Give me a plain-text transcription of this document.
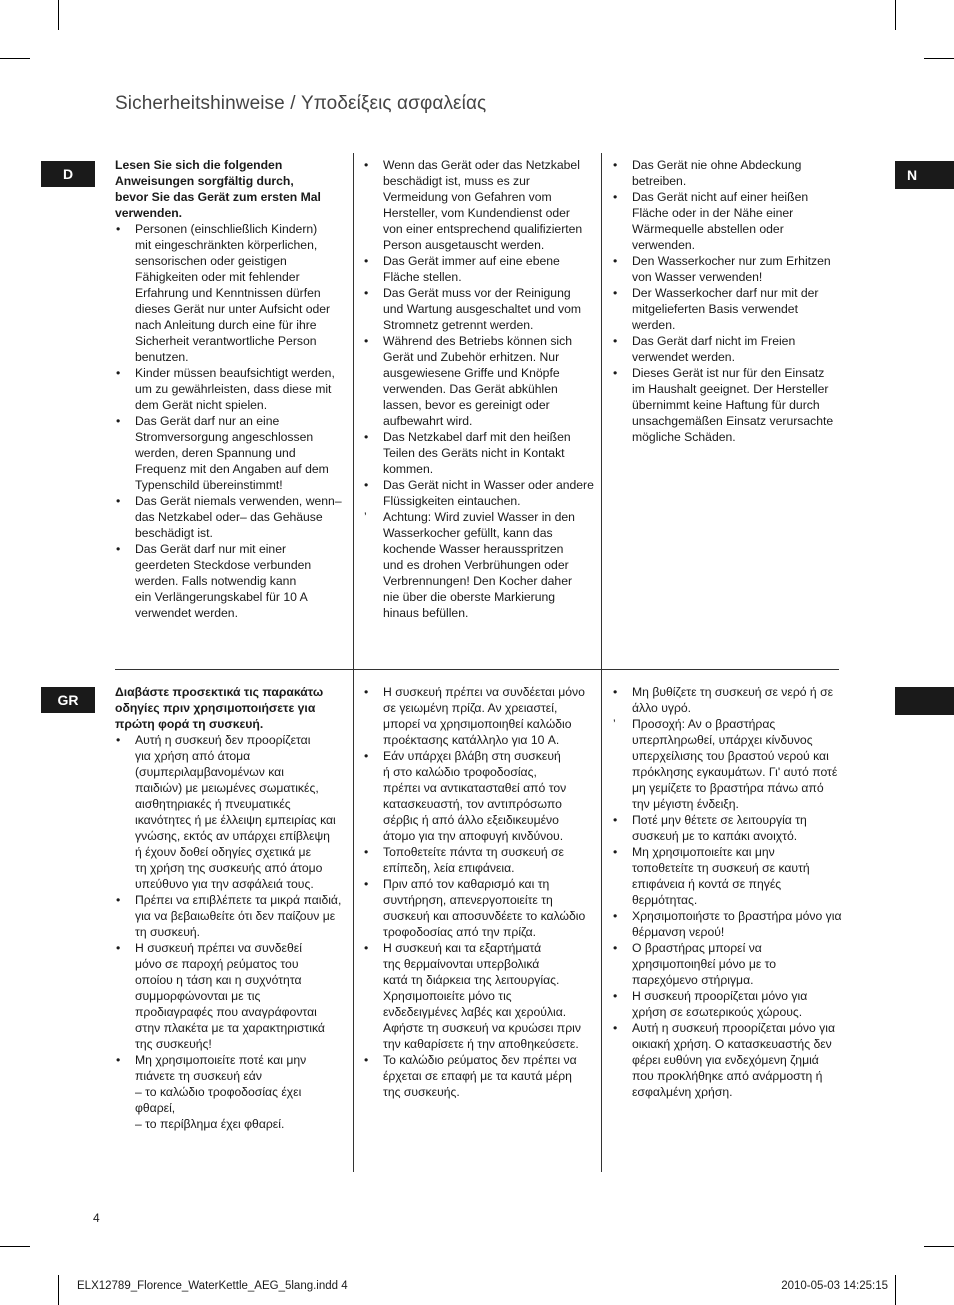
Sicherheitshinweise / Υποδείξεις ασφαλείας
D
GR
N
Lesen Sie sich die folgenden
Anweisungen sorgfältig durch,
bevor Sie das Gerät zum ersten Mal
verwenden.
•	Personen (einschließlich Kindern)
mit eingeschränkten körperlichen,
sensorischen oder geistigen
Fähigkeiten oder mit fehlender
Erfahrung und Kenntnissen dürfen
dieses Gerät nur unter Aufsicht oder
nach Anleitung durch eine für ihre
Sicherheit verantwortliche Person
benutzen.
•	Kinder müssen beaufsichtigt werden,
um zu gewährleisten, dass diese mit
dem Gerät nicht spielen.
•	Das Gerät darf nur an eine
Stromversorgung angeschlossen
werden, deren Spannung und
Frequenz mit den Angaben auf dem
Typenschild übereinstimmt!
•	Das Gerät niemals verwenden, wenn–
das Netzkabel oder– das Gehäuse
beschädigt ist.
•	Das Gerät darf nur mit einer
geerdeten Steckdose verbunden
werden. Falls notwendig kann
ein Verlängerungskabel für 10 A
verwendet werden.
•	Wenn das Gerät oder das Netzkabel
beschädigt ist, muss es zur
Vermeidung von Gefahren vom
Hersteller, vom Kundendienst oder
von einer entsprechend qualifizierten
Person ausgetauscht werden.
•	Das Gerät immer auf eine ebene
Fläche stellen.
•	Das Gerät muss vor der Reinigung
und Wartung ausgeschaltet und vom
Stromnetz getrennt werden.
•	Während des Betriebs können sich
Gerät und Zubehör erhitzen. Nur
ausgewiesene Griffe und Knöpfe
verwenden. Das Gerät abkühlen
lassen, bevor es gereinigt oder
aufbewahrt wird.
•	Das Netzkabel darf mit den heißen
Teilen des Geräts nicht in Kontakt
kommen.
•	Das Gerät nicht in Wasser oder andere
Flüssigkeiten eintauchen.
’	Achtung: Wird zuviel Wasser in den
Wasserkocher gefüllt, kann das
kochende Wasser herausspritzen
und es drohen Verbrühungen oder
Verbrennungen! Den Kocher daher
nie über die oberste Markierung
hinaus befüllen.
•	Das Gerät nie ohne Abdeckung
betreiben.
•	Das Gerät nicht auf einer heißen
Fläche oder in der Nähe einer
Wärmequelle abstellen oder
verwenden.
•	Den Wasserkocher nur zum Erhitzen
von Wasser verwenden!
•	Der Wasserkocher darf nur mit der
mitgelieferten Basis verwendet
werden.
•	Das Gerät darf nicht im Freien
verwendet werden.
•	Dieses Gerät ist nur für den Einsatz
im Haushalt geeignet. Der Hersteller
übernimmt keine Haftung für durch
unsachgemäßen Einsatz verursachte
mögliche Schäden.
Διαβάστε προσεκτικά τις παρακάτω
οδηγίες πριν χρησιμοποιήσετε για
πρώτη φορά τη συσκευή.
•	Αυτή η συσκευή δεν προορίζεται
για χρήση από άτομα
(συμπεριλαμβανομένων και
παιδιών) με μειωμένες σωματικές,
αισθητηριακές ή πνευματικές
ικανότητες ή με έλλειψη εμπειρίας και
γνώσης, εκτός αν υπάρχει επίβλεψη
ή έχουν δοθεί οδηγίες σχετικά με
τη χρήση της συσκευής από άτομο
υπεύθυνο για την ασφάλειά τους.
•	Πρέπει να επιβλέπετε τα μικρά παιδιά,
για να βεβαιωθείτε ότι δεν παίζουν με
τη συσκευή.
•	Η συσκευή πρέπει να συνδεθεί
μόνο σε παροχή ρεύματος του
οποίου η τάση και η συχνότητα
συμμορφώνονται με τις
προδιαγραφές που αναγράφονται
στην πλακέτα με τα χαρακτηριστικά
της συσκευής!
•	Μη χρησιμοποιείτε ποτέ και μην
πιάνετε τη συσκευή εάν
– το καλώδιο τροφοδοσίας έχει
φθαρεί,
– το περίβλημα έχει φθαρεί.
•	Η συσκευή πρέπει να συνδέεται μόνο
σε γειωμένη πρίζα. Αν χρειαστεί,
μπορεί να χρησιμοποιηθεί καλώδιο
προέκτασης κατάλληλο για 10 A.
•	Εάν υπάρχει βλάβη στη συσκευή
ή στο καλώδιο τροφοδοσίας,
πρέπει να αντικατασταθεί από τον
κατασκευαστή, τον αντιπρόσωπο
σέρβις ή από άλλο εξειδικευμένο
άτομο για την αποφυγή κινδύνου.
•	Τοποθετείτε πάντα τη συσκευή σε
επίπεδη, λεία επιφάνεια.
•	Πριν από τον καθαρισμό και τη
συντήρηση, απενεργοποιείτε τη
συσκευή και αποσυνδέετε το καλώδιο
τροφοδοσίας από την πρίζα.
•	Η συσκευή και τα εξαρτήματά
της θερμαίνονται υπερβολικά
κατά τη διάρκεια της λειτουργίας.
Χρησιμοποιείτε μόνο τις
ενδεδειγμένες λαβές και χερούλια.
Αφήστε τη συσκευή να κρυώσει πριν
την καθαρίσετε ή την αποθηκεύσετε.
•	Το καλώδιο ρεύματος δεν πρέπει να
έρχεται σε επαφή με τα καυτά μέρη
της συσκευής.
•	Μη βυθίζετε τη συσκευή σε νερό ή σε
άλλο υγρό.
’	Προσοχή: Αν ο βραστήρας
υπερπληρωθεί, υπάρχει κίνδυνος
υπερχείλισης του βραστού νερού και
πρόκλησης εγκαυμάτων. Γι' αυτό ποτέ
μη γεμίζετε το βραστήρα πάνω από
την μέγιστη ένδειξη.
•	Ποτέ μην θέτετε σε λειτουργία τη
συσκευή με το καπάκι ανοιχτό.
•	Μη χρησιμοποιείτε και μην
τοποθετείτε τη συσκευή σε καυτή
επιφάνεια ή κοντά σε πηγές
θερμότητας.
•	Χρησιμοποιήστε το βραστήρα μόνο για
θέρμανση νερού!
•	Ο βραστήρας μπορεί να
χρησιμοποιηθεί μόνο με το
παρεχόμενο στήριγμα.
•	Η συσκευή προορίζεται μόνο για
χρήση σε εσωτερικούς χώρους.
•	Αυτή η συσκευή προορίζεται μόνο για
οικιακή χρήση. Ο κατασκευαστής δεν
φέρει ευθύνη για ενδεχόμενη ζημιά
που προκλήθηκε από ανάρμοστη ή
εσφαλμένη χρήση.
4
ELX12789_Florence_WaterKettle_AEG_5lang.indd 4	2010-05-03 14:25:15
